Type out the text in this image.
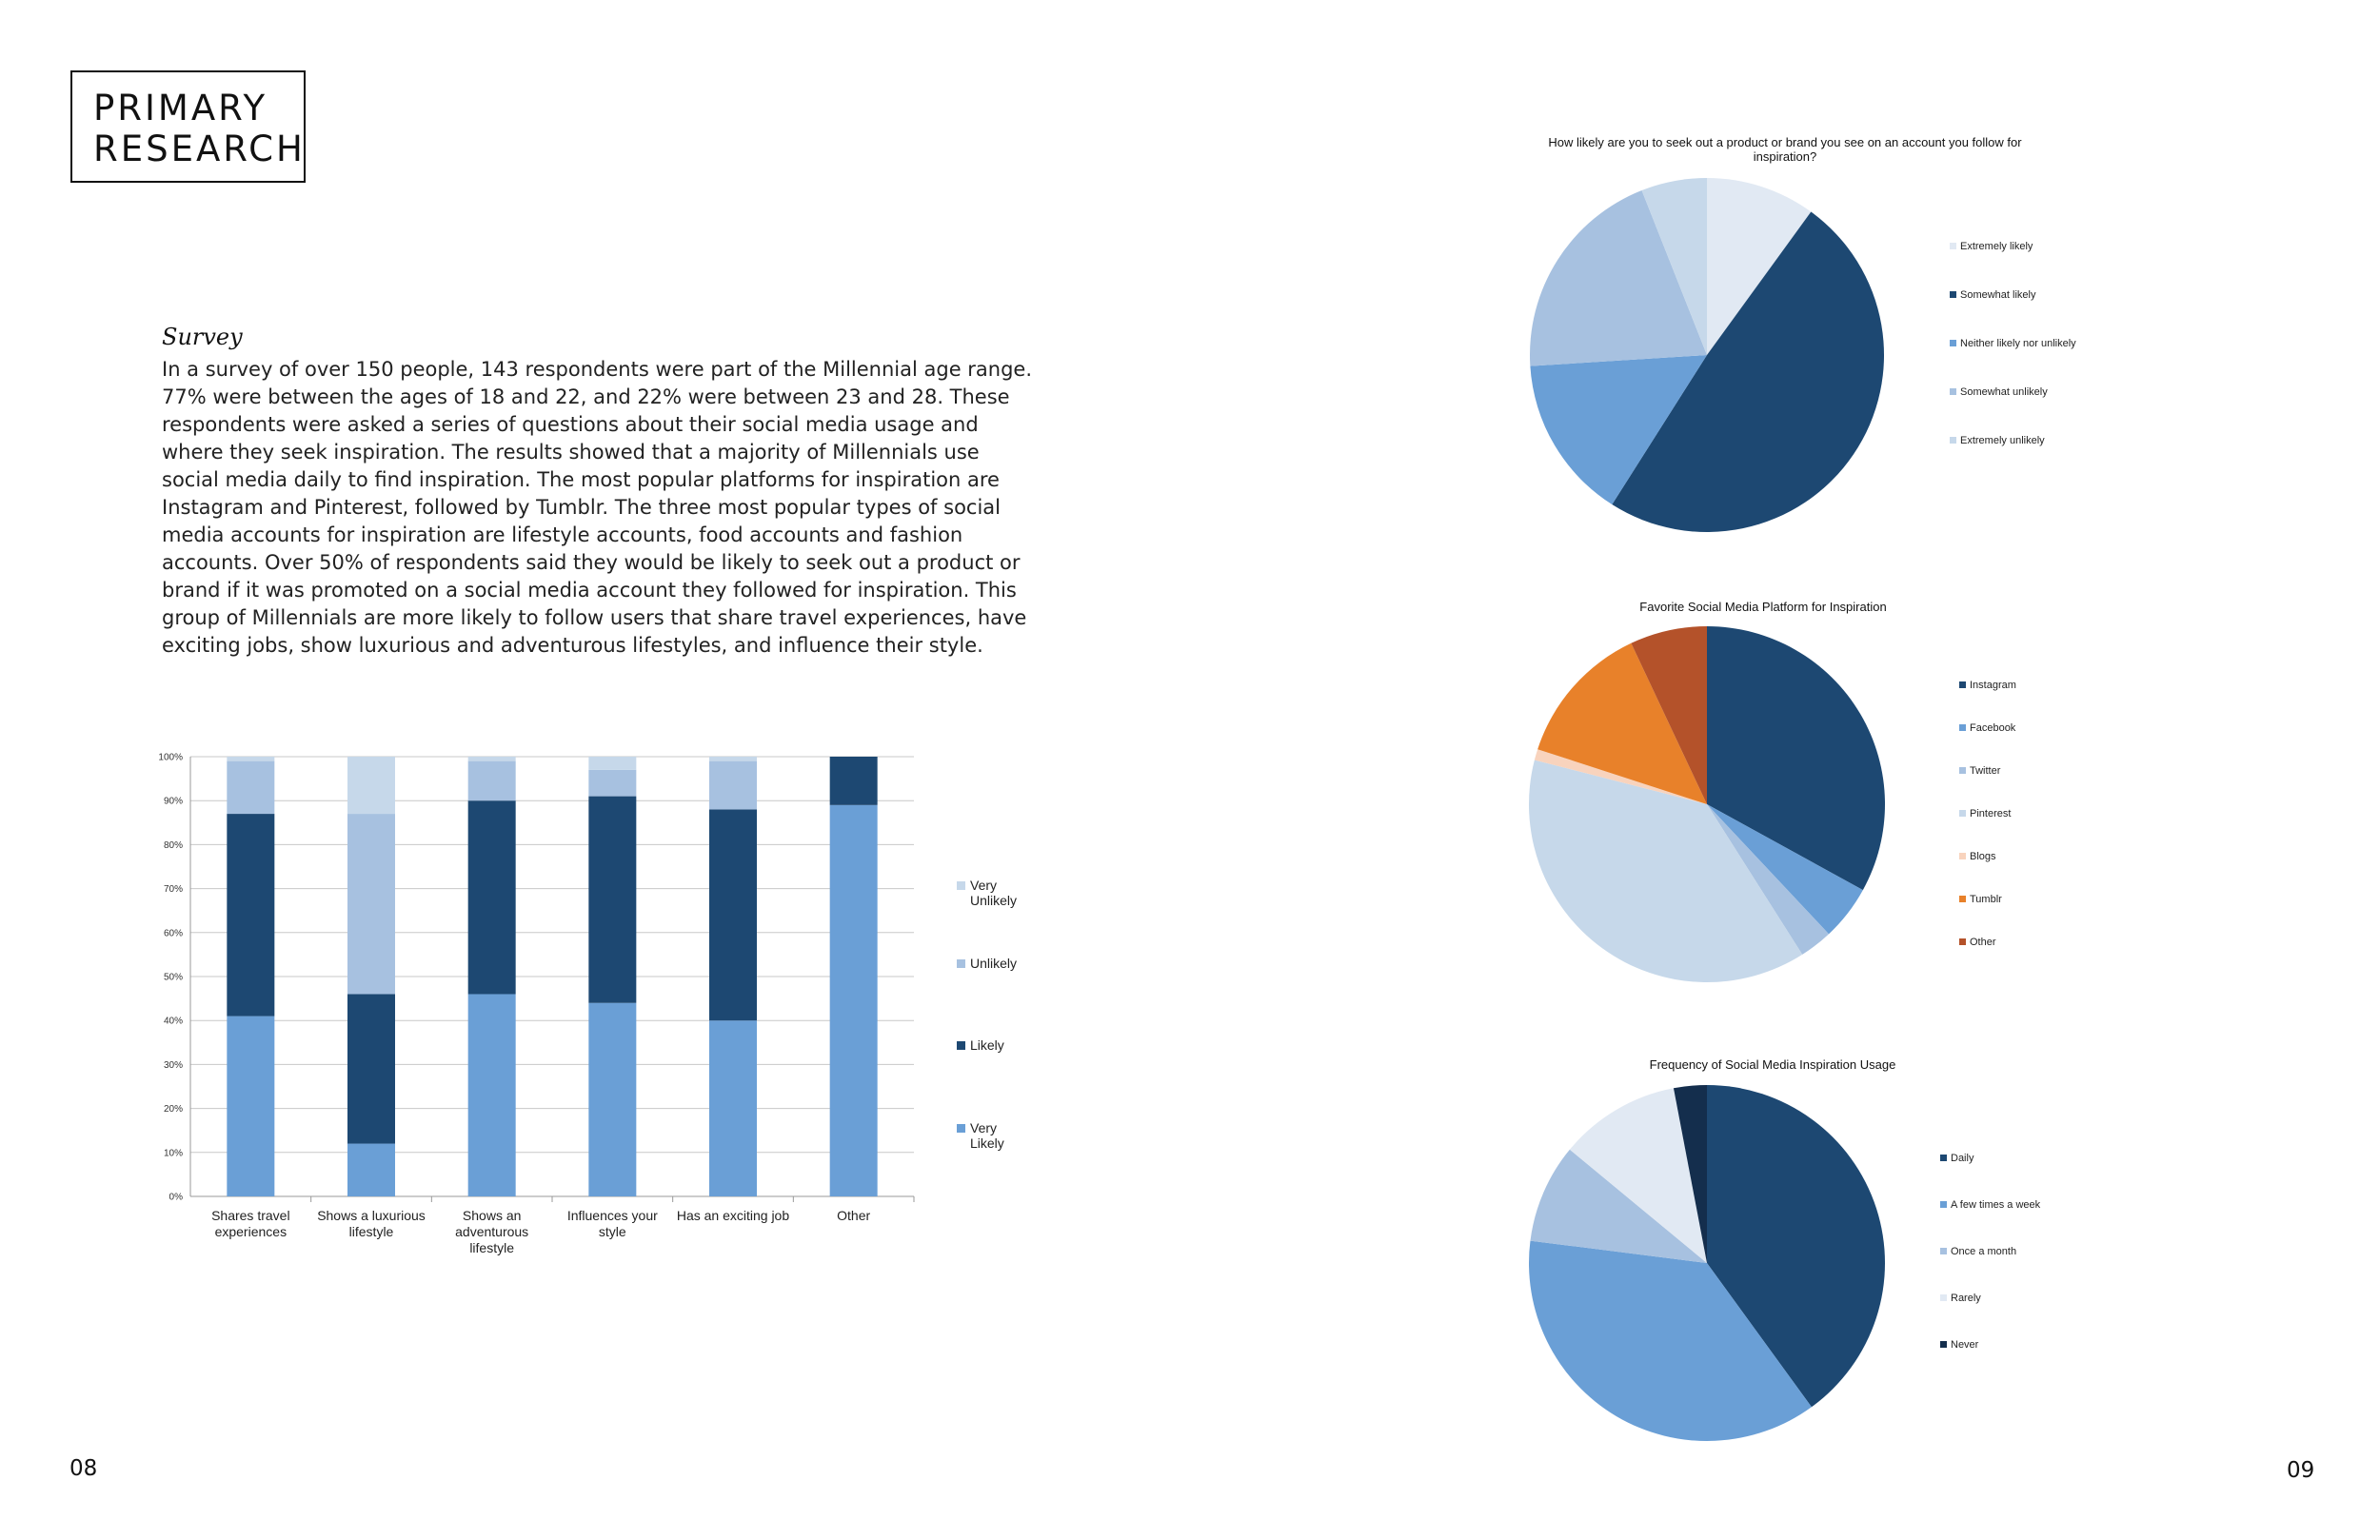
PRIMARY
RESEARCH
Survey
In a survey of over 150 people, 143 respondents were part of the Millennial age range. 77% were between the ages of 18 and 22, and 22% were between 23 and 28. These respondents were asked a series of questions about their social media usage and where they seek inspiration. The results showed that a majority of Millennials use social media daily to find inspiration. The most popular platforms for inspiration are Instagram and Pinterest, followed by Tumblr. The three most popular types of social media accounts for inspiration are lifestyle accounts, food accounts and fashion accounts. Over 50% of respondents said they would be likely to seek out a product or brand if it was promoted on a social media account they followed for inspiration. This group of Millennials are more likely to follow users that share travel experiences, have exciting jobs, show luxurious and adventurous lifestyles, and influence their style.
0%
10%
20%
30%
40%
50%
60%
70%
80%
90%
100%
Shares travel
experiences
Shows a luxurious
lifestyle
Shows an
adventurous
lifestyle
Influences your
style
Has an exciting job	Other
Very
Unlikely
Unlikely
Likely
Very
Likely
How likely are you to seek out a product or brand you see on an account you follow for
inspiration?
Extremely likely
Somewhat likely
Neither likely nor unlikely
Somewhat unlikely
Extremely unlikely
Favorite Social Media Platform for Inspiration
Instagram
Facebook
Twitter
Pinterest
Blogs
Tumblr
Other
Frequency of Social Media Inspiration Usage
Daily
A few times a week
Once a month
Rarely
Never
08	09
